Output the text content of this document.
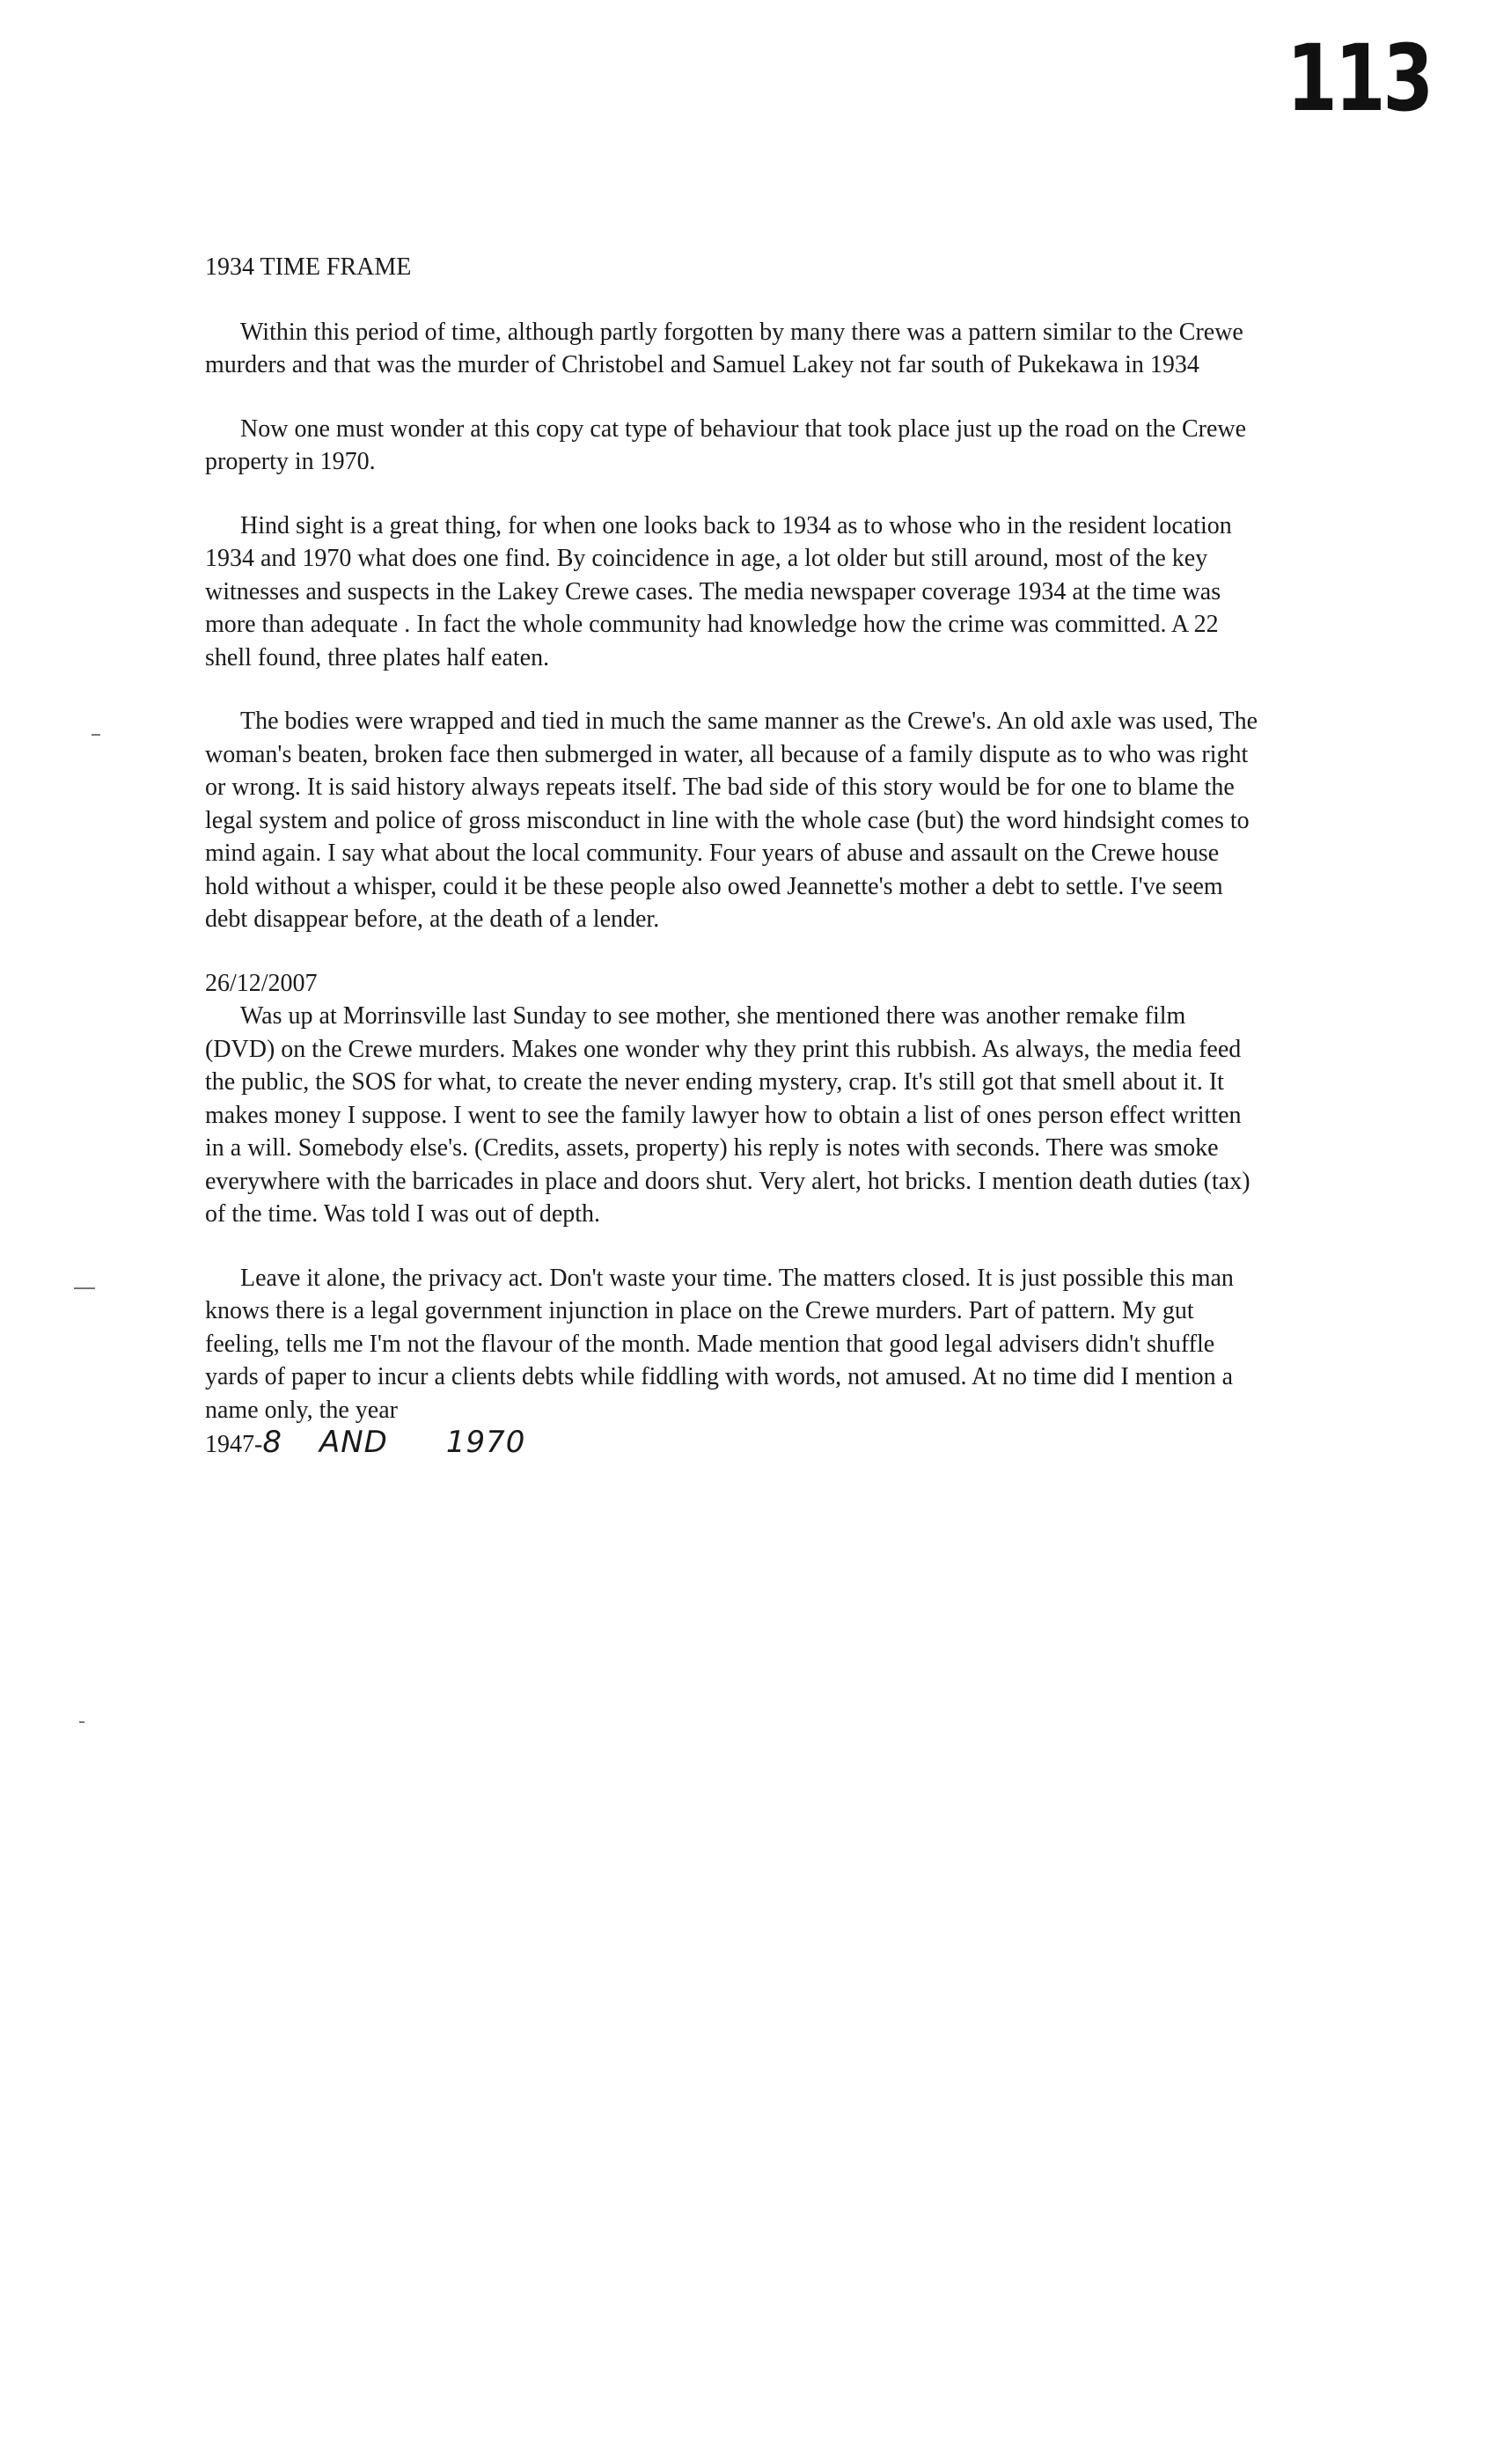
113

1934 TIME FRAME

Within this period of time, although partly forgotten by many there was a pattern similar to the Crewe murders and that was the murder of Christobel and Samuel Lakey not far south of Pukekawa in 1934

Now one must wonder at this copy cat type of behaviour that took place just up the road on the Crewe property in 1970.

Hind sight is a great thing, for when one looks back to 1934 as to whose who in the resident location 1934 and 1970 what does one find. By coincidence in age, a lot older but still around, most of the key witnesses and suspects in the Lakey Crewe cases. The media newspaper coverage 1934 at the time was more than adequate . In fact the whole community had knowledge how the crime was committed. A 22 shell found, three plates half eaten.

The bodies were wrapped and tied in much the same manner as the Crewe's. An old axle was used, The woman's beaten, broken face then submerged in water, all because of a family dispute as to who was right or wrong. It is said history always repeats itself. The bad side of this story would be for one to blame the legal system and police of gross misconduct in line with the whole case (but) the word hindsight comes to mind again. I say what about the local community. Four years of abuse and assault on the Crewe house hold without a whisper, could it be these people also owed Jeannette's mother a debt to settle. I've seem debt disappear before, at the death of a lender.

26/12/2007

Was up at Morrinsville last Sunday to see mother, she mentioned there was another remake film (DVD) on the Crewe murders. Makes one wonder why they print this rubbish. As always, the media feed the public, the SOS for what, to create the never ending mystery, crap. It's still got that smell about it. It makes money I suppose. I went to see the family lawyer how to obtain a list of ones person effect written in a will. Somebody else's. (Credits, assets, property) his reply is notes with seconds. There was smoke everywhere with the barricades in place and doors shut. Very alert, hot bricks. I mention death duties (tax) of the time. Was told I was out of depth.

Leave it alone, the privacy act. Don't waste your time. The matters closed. It is just possible this man knows there is a legal government injunction in place on the Crewe murders. Part of pattern. My gut feeling, tells me I'm not the flavour of the month. Made mention that good legal advisers didn't shuffle yards of paper to incur a clients debts while fiddling with words, not amused. At no time did I mention a name only, the year

1947-8 AND 1970
